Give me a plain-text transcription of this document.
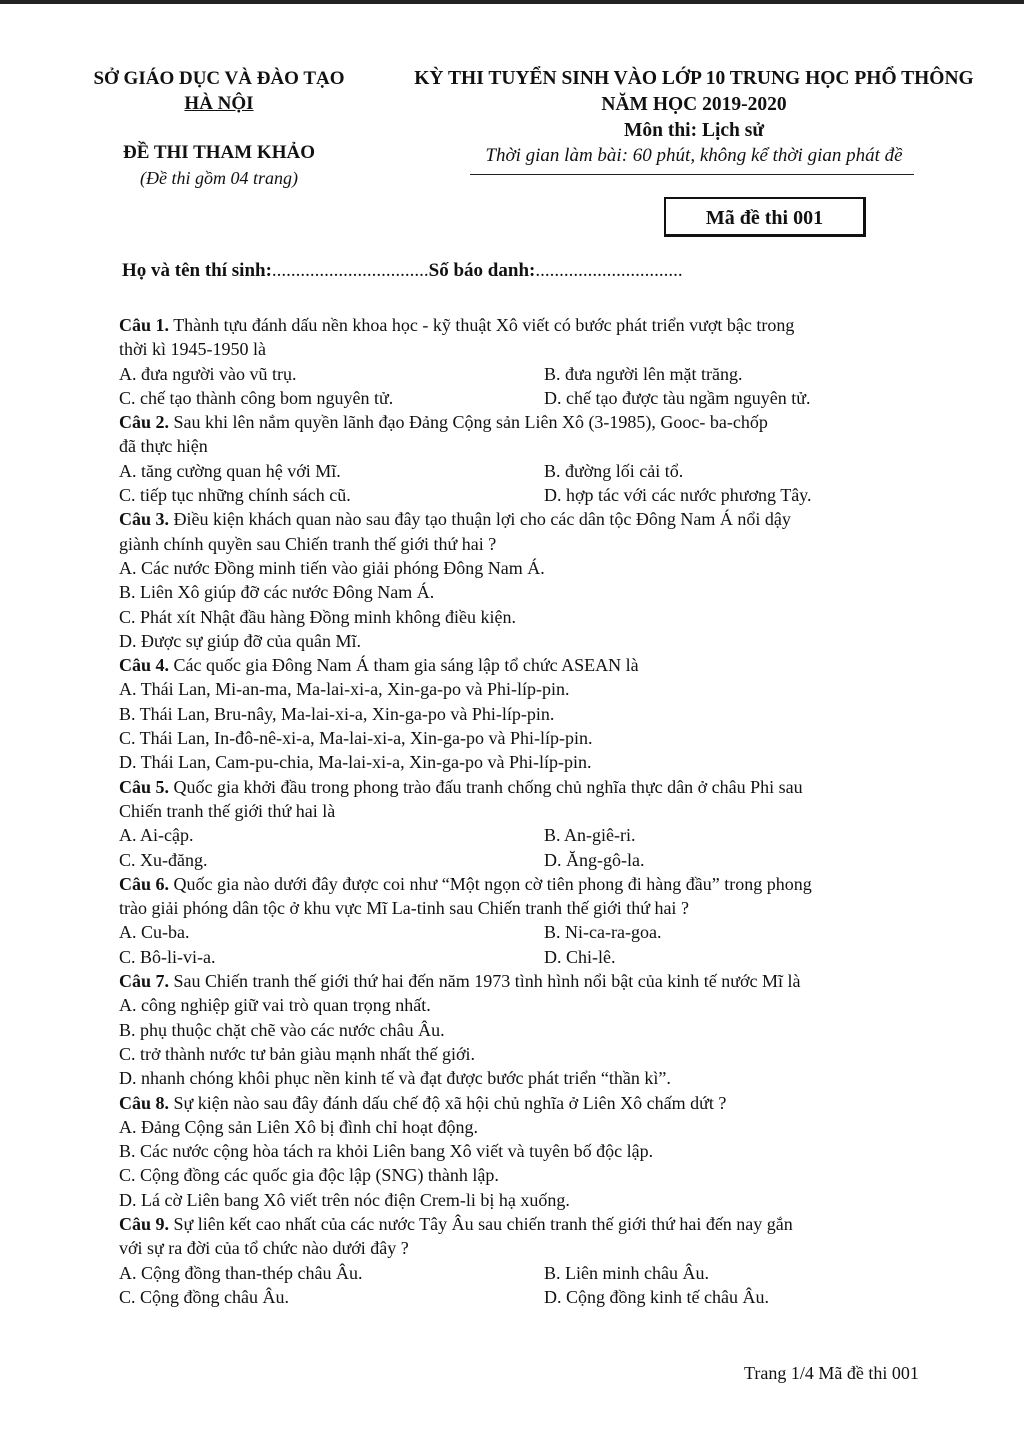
SỞ GIÁO DỤC VÀ ĐÀO TẠO
HÀ NỘI
ĐỀ THI THAM KHẢO
(Đề thi gồm 04 trang)
KỲ THI TUYỂN SINH VÀO LỚP 10 TRUNG HỌC PHỔ THÔNG
NĂM HỌC 2019-2020
Môn thi: Lịch sử
Thời gian làm bài: 60 phút, không kể thời gian phát đề
Mã đề thi 001
Họ và tên thí sinh:.................................Số báo danh:...............................
Câu 1. Thành tựu đánh dấu nền khoa học - kỹ thuật Xô viết có bước phát triển vượt bậc trong
thời kì 1945-1950 là
A. đưa người vào vũ trụ.	B. đưa người lên mặt trăng.
C. chế tạo thành công bom nguyên tử.	D. chế tạo được tàu ngầm nguyên tử.
Câu 2. Sau khi lên nắm quyền lãnh đạo Đảng Cộng sản Liên Xô (3-1985), Gooc- ba-chốp
đã thực hiện
A. tăng cường quan hệ với Mĩ.	B. đường lối cải tổ.
C. tiếp tục những chính sách cũ.	D. hợp tác với các nước phương Tây.
Câu 3. Điều kiện khách quan nào sau đây tạo thuận lợi cho các dân tộc Đông Nam Á nổi dậy
giành chính quyền sau Chiến tranh thế giới thứ hai ?
A. Các nước Đồng minh tiến vào giải phóng Đông Nam Á.
B. Liên Xô giúp đỡ các nước Đông Nam Á.
C. Phát xít Nhật đầu hàng Đồng minh không điều kiện.
D. Được sự giúp đỡ của quân Mĩ.
Câu 4. Các quốc gia Đông Nam Á tham gia sáng lập tổ chức ASEAN là
A. Thái Lan, Mi-an-ma, Ma-lai-xi-a, Xin-ga-po và Phi-líp-pin.
B. Thái Lan, Bru-nây, Ma-lai-xi-a, Xin-ga-po và Phi-líp-pin.
C. Thái Lan, In-đô-nê-xi-a, Ma-lai-xi-a, Xin-ga-po và Phi-líp-pin.
D. Thái Lan, Cam-pu-chia, Ma-lai-xi-a, Xin-ga-po và Phi-líp-pin.
Câu 5. Quốc gia khởi đầu trong phong trào đấu tranh chống chủ nghĩa thực dân ở châu Phi sau
Chiến tranh thế giới thứ hai là
A. Ai-cập.	B. An-giê-ri.
C. Xu-đăng.	D. Ăng-gô-la.
Câu 6. Quốc gia nào dưới đây được coi như “Một ngọn cờ tiên phong đi hàng đầu” trong phong
trào giải phóng dân tộc ở khu vực Mĩ La-tinh sau Chiến tranh thế giới thứ hai ?
A. Cu-ba.	B. Ni-ca-ra-goa.
C. Bô-li-vi-a.	D. Chi-lê.
Câu 7. Sau Chiến tranh thế giới thứ hai đến năm 1973 tình hình nổi bật của kinh tế nước Mĩ là
A. công nghiệp giữ vai trò quan trọng nhất.
B. phụ thuộc chặt chẽ vào các nước châu Âu.
C. trở thành nước tư bản giàu mạnh nhất thế giới.
D. nhanh chóng khôi phục nền kinh tế và đạt được bước phát triển “thần kì”.
Câu 8. Sự kiện nào sau đây đánh dấu chế độ xã hội chủ nghĩa ở Liên Xô chấm dứt ?
A. Đảng Cộng sản Liên Xô bị đình chỉ hoạt động.
B. Các nước cộng hòa tách ra khỏi Liên bang Xô viết và tuyên bố độc lập.
C. Cộng đồng các quốc gia độc lập (SNG) thành lập.
D. Lá cờ Liên bang Xô viết trên nóc điện Crem-li bị hạ xuống.
Câu 9. Sự liên kết cao nhất của các nước Tây Âu sau chiến tranh thế giới thứ hai đến nay gắn
với sự ra đời của tổ chức nào dưới đây ?
A. Cộng đồng than-thép châu Âu.	B. Liên minh châu Âu.
C. Cộng đồng châu Âu.	D. Cộng đồng kinh tế châu Âu.
Trang 1/4 Mã đề thi 001
